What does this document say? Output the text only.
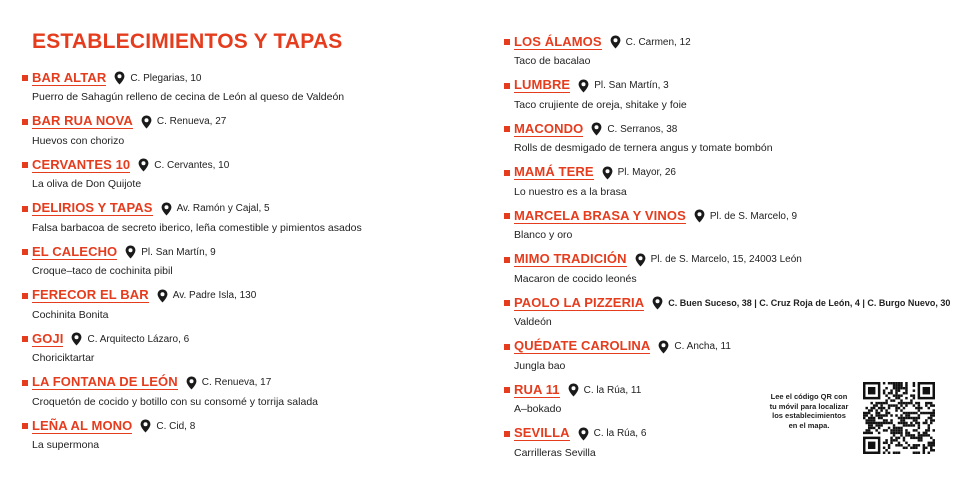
ESTABLECIMIENTOS Y TAPAS
BAR ALTAR C. Plegarias, 10
Puerro de Sahagún relleno de cecina de León al queso de Valdeón
BAR RUA NOVA C. Renueva, 27
Huevos con chorizo
CERVANTES 10 C. Cervantes, 10
La oliva de Don Quijote
DELIRIOS Y TAPAS Av. Ramón y Cajal, 5
Falsa barbacoa de secreto iberico, leña comestible y pimientos asados
EL CALECHO Pl. San Martín, 9
Croque–taco de cochinita pibil
FERECOR EL BAR Av. Padre Isla, 130
Cochinita Bonita
GOJI C. Arquitecto Lázaro, 6
Choriciktartar
LA FONTANA DE LEÓN C. Renueva, 17
Croquetón de cocido y botillo con su consomé y torrija salada
LEÑA AL MONO C. Cid, 8
La supermona
LOS ÁLAMOS C. Carmen, 12
Taco de bacalao
LUMBRE Pl. San Martín, 3
Taco crujiente de oreja, shitake y foie
MACONDO C. Serranos, 38
Rolls de desmigado de ternera angus y tomate bombón
MAMÁ TERE Pl. Mayor, 26
Lo nuestro es a la brasa
MARCELA BRASA Y VINOS Pl. de S. Marcelo, 9
Blanco y oro
MIMO TRADICIÓN Pl. de S. Marcelo, 15, 24003 León
Macaron de cocido leonés
PAOLO LA PIZZERIA	C. Buen Suceso, 38 | C. Cruz Roja de León, 4 | C. Burgo Nuevo, 30
Valdeón
QUÉDATE CAROLINA C. Ancha, 11
Jungla bao
RUA 11 C. la Rúa, 11
A–bokado
SEVILLA C. la Rúa, 6
Carrilleras Sevilla
Lee el código QR con tu móvil para localizar los establecimientos en el mapa.
